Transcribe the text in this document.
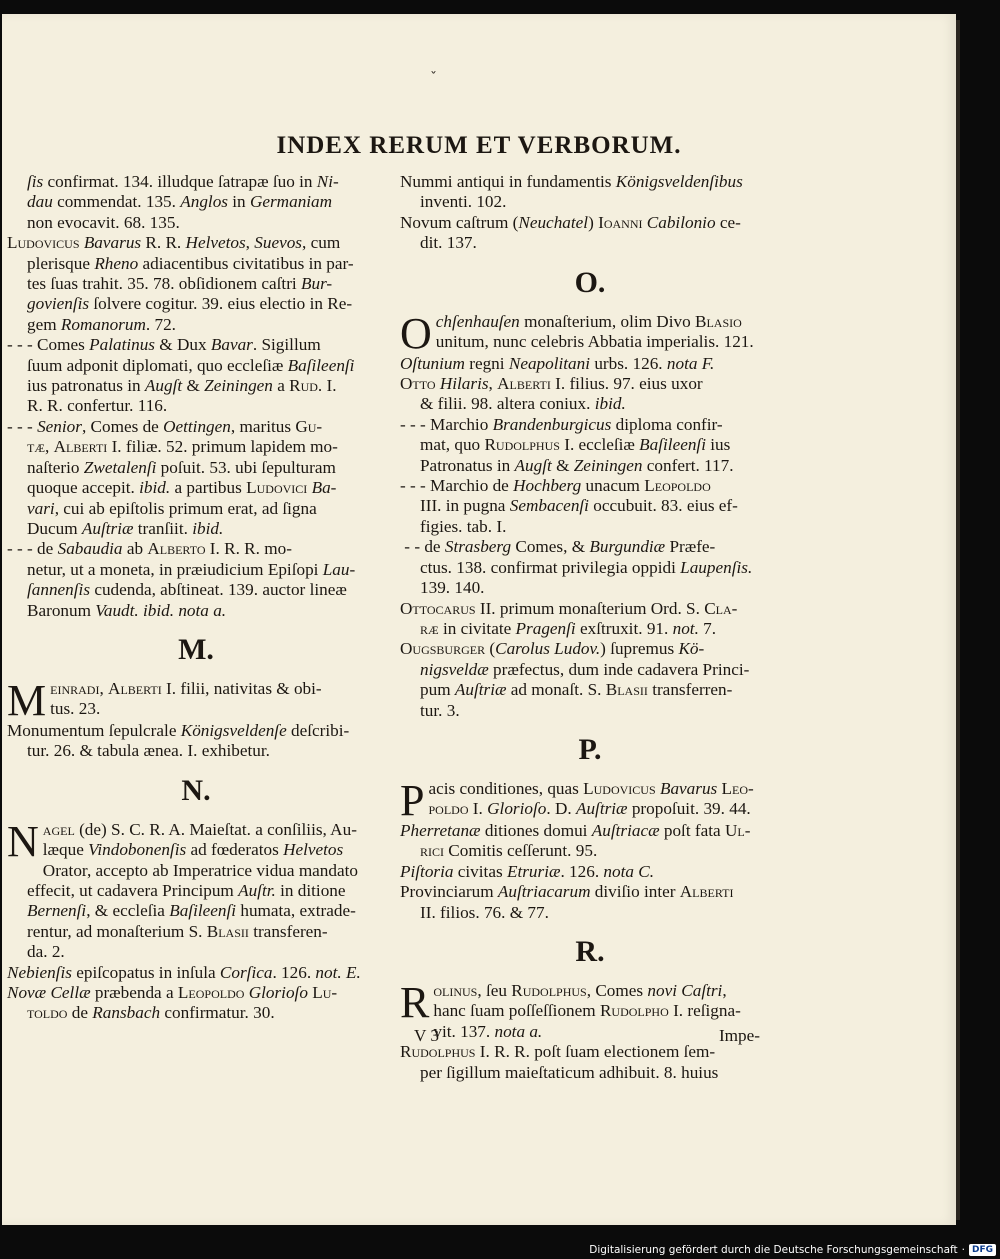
ˇ
INDEX RERUM ET VERBORUM.
ſis confirmat. 134. illudque ſatrapæ ſuo in Ni-
dau commendat. 135. Anglos in Germaniam
non evocavit. 68. 135.
Ludovicus Bavarus R. R. Helvetos, Suevos, cum
plerisque Rheno adiacentibus civitatibus in par-
tes ſuas trahit. 35. 78. obſidionem caſtri Bur-
govienſis ſolvere cogitur. 39. eius electio in Re-
gem Romanorum. 72.
- - - Comes Palatinus & Dux Bavar. Sigillum
ſuum adponit diplomati, quo eccleſiæ Baſileenſi
ius patronatus in Augſt & Zeiningen a Rud. I.
R. R. confertur. 116.
- - - Senior, Comes de Oettingen, maritus Gu-
tæ, Alberti I. filiæ. 52. primum lapidem mo-
naſterio Zwetalenſi poſuit. 53. ubi ſepulturam
quoque accepit. ibid. a partibus Ludovici Ba-
vari, cui ab epiſtolis primum erat, ad ſigna
Ducum Auſtriæ tranſiit. ibid.
- - - de Sabaudia ab Alberto I. R. R. mo-
netur, ut a moneta, in præiudicium Epiſopi Lau-
ſannenſis cudenda, abſtineat. 139. auctor lineæ
Baronum Vaudt. ibid. nota a.
M.
M einradi, Alberti I. filii, nativitas & obi-
tus. 23.
Monumentum ſepulcrale Königsveldenſe deſcribi-
tur. 26. & tabula ænea. I. exhibetur.
N.
N agel (de) S. C. R. A. Maieſtat. a conſiliis, Au-
læque Vindobonenſis ad fœderatos Helvetos
Orator, accepto ab Imperatrice vidua mandato
effecit, ut cadavera Principum Auſtr. in ditione
Bernenſi, & eccleſia Baſileenſi humata, extrade-
rentur, ad monaſterium S. Blasii transferen-
da. 2.
Nebienſis epiſcopatus in inſula Corſica. 126. not. E.
Novæ Cellæ præbenda a Leopoldo Glorioſo Lu-
toldo de Ransbach confirmatur. 30.
Nummi antiqui in fundamentis Königsveldenſibus
inventi. 102.
Novum caſtrum (Neuchatel) Ioanni Cabilonio ce-
dit. 137.
O.
O chſenhauſen monaſterium, olim Divo Blasio
unitum, nunc celebris Abbatia imperialis. 121.
Oſtunium regni Neapolitani urbs. 126. nota F.
Otto Hilaris, Alberti I. filius. 97. eius uxor
& filii. 98. altera coniux. ibid.
- - - Marchio Brandenburgicus diploma confir-
mat, quo Rudolphus I. eccleſiæ Baſileenſi ius
Patronatus in Augſt & Zeiningen confert. 117.
- - - Marchio de Hochberg unacum Leopoldo
III. in pugna Sembacenſi occubuit. 83. eius ef-
figies. tab. I.
- - de Strasberg Comes, & Burgundiæ Præfe-
ctus. 138. confirmat privilegia oppidi Laupenſis.
139. 140.
Ottocarus II. primum monaſterium Ord. S. Cla-
ræ in civitate Pragenſi exſtruxit. 91. not. 7.
Ougsburger (Carolus Ludov.) ſupremus Kö-
nigsveldæ præfectus, dum inde cadavera Princi-
pum Auſtriæ ad monaſt. S. Blasii transferren-
tur. 3.
P.
P acis conditiones, quas Ludovicus Bavarus Leo-
poldo I. Glorioſo. D. Auſtriæ propoſuit. 39. 44.
Pherretanæ ditiones domui Auſtriacæ poſt fata Ul-
rici Comitis ceſſerunt. 95.
Piſtoria civitas Etruriæ. 126. nota C.
Provinciarum Auſtriacarum diviſio inter Alberti
II. filios. 76. & 77.
R.
R olinus, ſeu Rudolphus, Comes novi Caſtri,
hanc ſuam poſſeſſionem Rudolpho I. reſigna-
vit. 137. nota a.
Rudolphus I. R. R. poſt ſuam electionem ſem-
per ſigillum maieſtaticum adhibuit. 8. huius
V 3	Impe-
Digitalisierung gefördert durch die Deutsche Forschungsgemeinschaft · DFG
